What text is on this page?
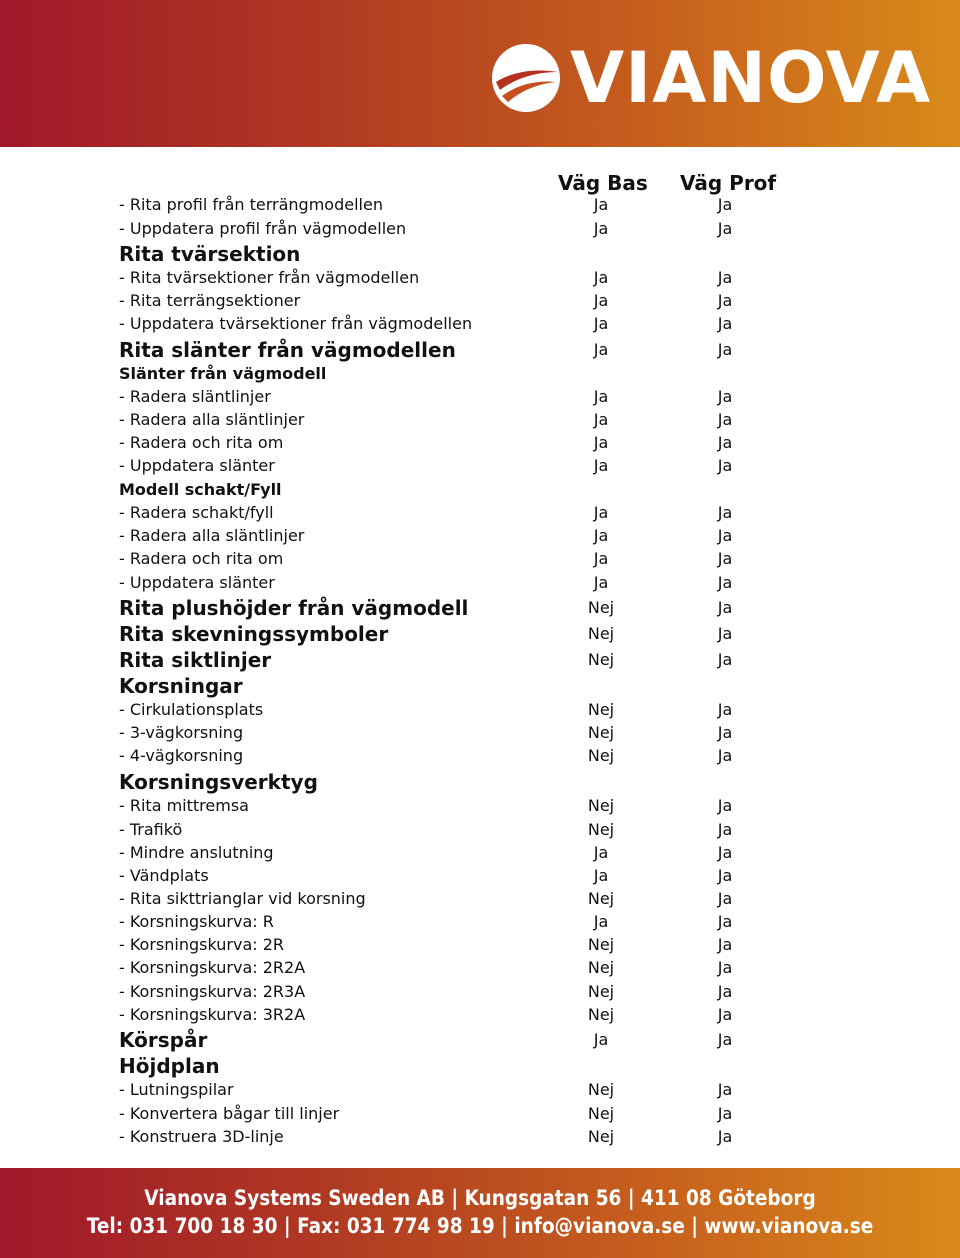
VIANOVA
Väg Bas Väg Prof
- Rita profil från terrängmodellen	Ja	Ja
- Uppdatera profil från vägmodellen	Ja	Ja
Rita tvärsektion
- Rita tvärsektioner från vägmodellen	Ja	Ja
- Rita terrängsektioner	Ja	Ja
- Uppdatera tvärsektioner från vägmodellen	Ja	Ja
Rita slänter från vägmodellen	Ja	Ja
Slänter från vägmodell
- Radera släntlinjer	Ja	Ja
- Radera alla släntlinjer	Ja	Ja
- Radera och rita om	Ja	Ja
- Uppdatera slänter	Ja	Ja
Modell schakt/Fyll
- Radera schakt/fyll	Ja	Ja
- Radera alla släntlinjer	Ja	Ja
- Radera och rita om	Ja	Ja
- Uppdatera slänter	Ja	Ja
Rita plushöjder från vägmodell	Nej	Ja
Rita skevningssymboler	Nej	Ja
Rita siktlinjer	Nej	Ja
Korsningar
- Cirkulationsplats	Nej	Ja
- 3-vägkorsning	Nej	Ja
- 4-vägkorsning	Nej	Ja
Korsningsverktyg
- Rita mittremsa	Nej	Ja
- Trafikö	Nej	Ja
- Mindre anslutning	Ja	Ja
- Vändplats	Ja	Ja
- Rita sikttrianglar vid korsning	Nej	Ja
- Korsningskurva: R	Ja	Ja
- Korsningskurva: 2R	Nej	Ja
- Korsningskurva: 2R2A	Nej	Ja
- Korsningskurva: 2R3A	Nej	Ja
- Korsningskurva: 3R2A	Nej	Ja
Körspår	Ja	Ja
Höjdplan
- Lutningspilar	Nej	Ja
- Konvertera bågar till linjer	Nej	Ja
- Konstruera 3D-linje	Nej	Ja
Vianova Systems Sweden AB | Kungsgatan 56 | 411 08 Göteborg
Tel: 031 700 18 30 | Fax: 031 774 98 19 | info@vianova.se | www.vianova.se
